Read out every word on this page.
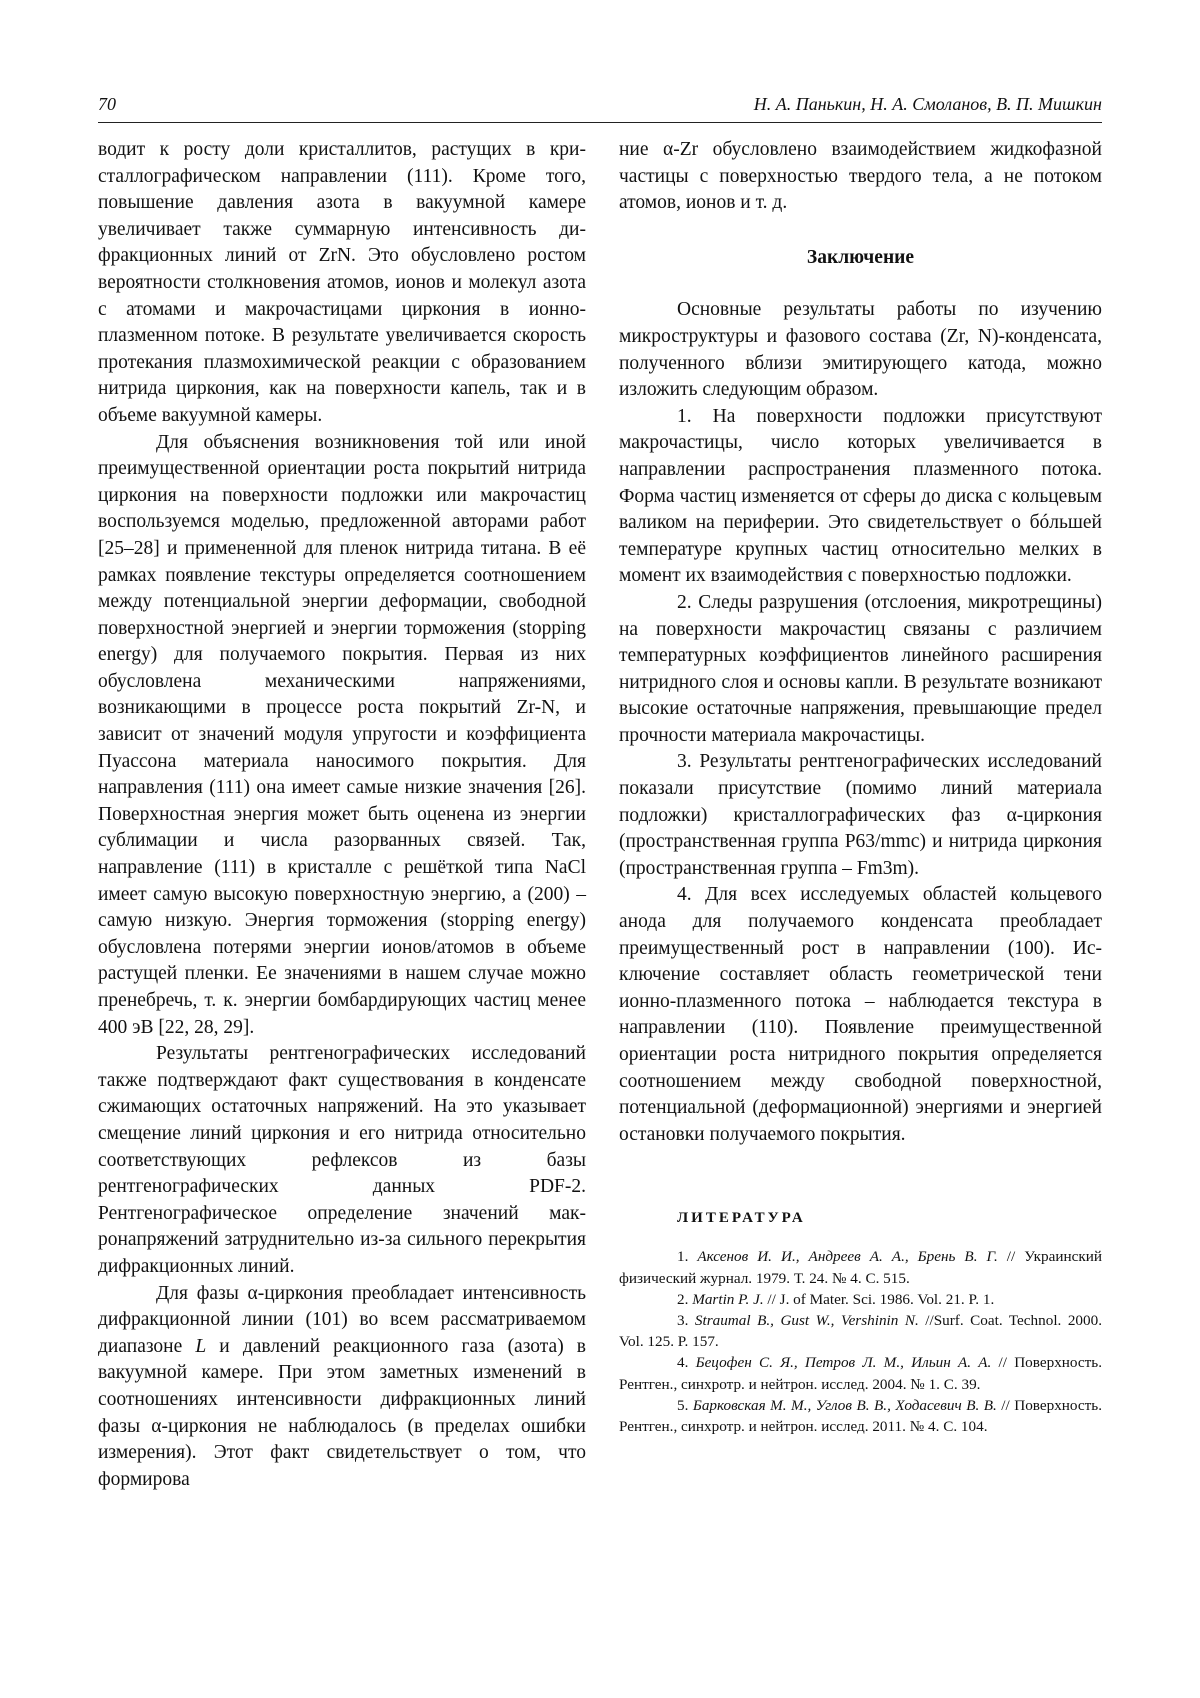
70	Н. А. Панькин, Н. А. Смоланов, В. П. Мишкин

водит к росту доли кристаллитов, растущих в кристаллографическом направлении (111). Кроме того, повышение давления азота в вакуумной камере увеличивает также суммарную интенсивность дифракционных линий от ZrN. Это обусловлено ростом вероятности столкновения атомов, ионов и молекул азота с атомами и макрочастицами циркония в ионно-плазменном потоке. В результате увеличивается скорость протекания плазмохимической реакции с образованием нитрида циркония, как на поверхности капель, так и в объеме вакуумной камеры.

Для объяснения возникновения той или иной преимущественной ориентации роста покрытий нитрида циркония на поверхности подложки или макрочастиц воспользуемся моделью, предложенной авторами работ [25–28] и примененной для пленок нитрида титана. В её рамках появление текстуры определяется соотношением между потенциальной энергии деформации, свободной поверхностной энергией и энергии торможения (stopping energy) для получаемого покрытия. Первая из них обусловлена механическими напряжениями, возникающими в процессе роста покрытий Zr-N, и зависит от значений модуля упругости и коэффициента Пуассона материала наносимого покрытия. Для направления (111) она имеет самые низкие значения [26]. Поверхностная энергия может быть оценена из энергии сублимации и числа разорванных связей. Так, направление (111) в кристалле с решёткой типа NaCl имеет самую высокую поверхностную энергию, а (200) – самую низкую. Энергия торможения (stopping energy) обусловлена потерями энергии ионов/атомов в объеме растущей пленки. Ее значениями в нашем случае можно пренебречь, т. к. энергии бомбардирующих частиц менее 400 эВ [22, 28, 29].

Результаты рентгенографических исследований также подтверждают факт существования в конденсате сжимающих остаточных напряжений. На это указывает смещение линий циркония и его нитрида относительно соответствующих рефлексов из базы рентгенографических данных PDF-2. Рентгенографическое определение значений макронапряжений затруднительно из-за сильного перекрытия дифракционных линий.

Для фазы α-циркония преобладает интенсивность дифракционной линии (101) во всем рассматриваемом диапазоне L и давлений реакционного газа (азота) в вакуумной камере. При этом заметных изменений в соотношениях интенсивности дифракционных линий фазы α-циркония не наблюдалось (в пределах ошибки измерения). Этот факт свидетельствует о том, что формирова

ние α-Zr обусловлено взаимодействием жидкофазной частицы с поверхностью твердого тела, а не потоком атомов, ионов и т. д.

Заключение

Основные результаты работы по изучению микроструктуры и фазового состава (Zr, N)-конденсата, полученного вблизи эмитирующего катода, можно изложить следующим образом.

1. На поверхности подложки присутствуют макрочастицы, число которых увеличивается в направлении распространения плазменного потока. Форма частиц изменяется от сферы до диска с кольцевым валиком на периферии. Это свидетельствует о бóльшей температуре крупных частиц относительно мелких в момент их взаимодействия с поверхностью подложки.

2. Следы разрушения (отслоения, микротрещины) на поверхности макрочастиц связаны с различием температурных коэффициентов линейного расширения нитридного слоя и основы капли. В результате возникают высокие остаточные напряжения, превышающие предел прочности материала макрочастицы.

3. Результаты рентгенографических исследований показали присутствие (помимо линий материала подложки) кристаллографических фаз α-циркония (пространственная группа P63/mmc) и нитрида циркония (пространственная группа – Fm3m).

4. Для всех исследуемых областей кольцевого анода для получаемого конденсата преобладает преимущественный рост в направлении (100). Исключение составляет область геометрической тени ионно-плазменного потока – наблюдается текстура в направлении (110). Появление преимущественной ориентации роста нитридного покрытия определяется соотношением между свободной поверхностной, потенциальной (деформационной) энергиями и энергией остановки получаемого покрытия.

ЛИТЕРАТУРА

1. Аксенов И. И., Андреев А. А., Брень В. Г. // Украинский физический журнал. 1979. Т. 24. № 4. С. 515.

2. Martin P. J. // J. of Mater. Sci. 1986. Vol. 21. P. 1.

3. Straumal B., Gust W., Vershinin N. //Surf. Coat. Technol. 2000. Vol. 125. P. 157.

4. Бецофен С. Я., Петров Л. М., Ильин А. А. // Поверхность. Рентген., синхротр. и нейтрон. исслед. 2004. № 1. С. 39.

5. Барковская М. М., Углов В. В., Ходасевич В. В. // Поверхность. Рентген., синхротр. и нейтрон. исслед. 2011. № 4. С. 104.
